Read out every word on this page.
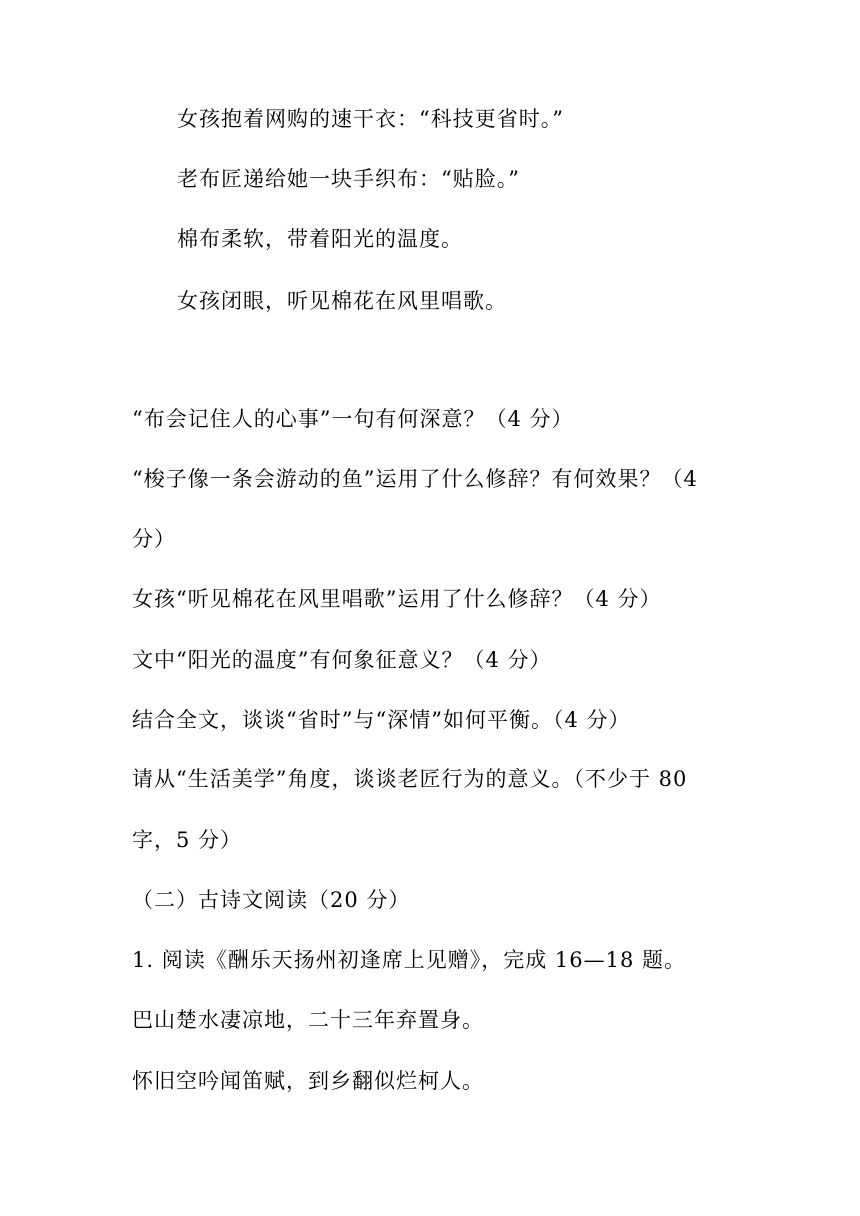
女孩抱着网购的速干衣：“科技更省时。”
老布匠递给她一块手织布：“贴脸。”
棉布柔软，带着阳光的温度。
女孩闭眼，听见棉花在风里唱歌。
“布会记住人的心事”一句有何深意？（4 分）
“梭子像一条会游动的鱼”运用了什么修辞？有何效果？（4
分）
女孩“听见棉花在风里唱歌”运用了什么修辞？（4 分）
文中“阳光的温度”有何象征意义？（4 分）
结合全文，谈谈“省时”与“深情”如何平衡。（4 分）
请从“生活美学”角度，谈谈老匠行为的意义。（不少于 80
字，5 分）
（二）古诗文阅读（20 分）
1. 阅读《酬乐天扬州初逢席上见赠》，完成 16—18 题。
巴山楚水凄凉地，二十三年弃置身。
怀旧空吟闻笛赋，到乡翻似烂柯人。
